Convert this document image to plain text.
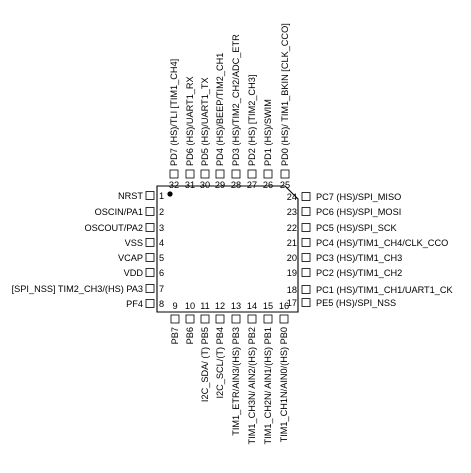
1
NRST
2
OSCIN/PA1
3
OSCOUT/PA2
4
VSS
5
VCAP
6
VDD
7
[SPI_NSS] TIM2_CH3/(HS) PA3
8
PF4	17 PE5 (HS)/SPI_NSS
18 PC1 (HS)/TIM1_CH1/UART1_CK
19 PC2 (HS)/TIM1_CH2
20 PC3 (HS)/TIM1_CH3
21 PC4 (HS)/TIM1_CH4/CLK_CCO
22 PC5 (HS)/SPI_SCK
23 PC6 (HS)/SPI_MOSI
24 PC7 (HS)/SPI_MISO
9
PB7
10
PB6
11
I2C_SDA/ (T) PB5
12
I2C_SCL/(T) PB4
13
TIM1_ETR/AIN3/(HS) PB3
14
TIM1_CH3N/ AIN2/(HS) PB2
15
TIM1_CH2N/ AIN1/(HS) PB1
16
TIM1_CH1N/AIN0/(HS) PB0
25
PD0 (HS)/ TIM1_BKIN [CLK_CCO]
26
PD1 (HS)/SWIM
27
PD2 (HS) [TIM2_CH3]
28
PD3 (HS)/TIM2_CH2/ADC_ETR
29
PD4 (HS)/BEEP/TIM2_CH1
30
PD5 (HS)/UART1_TX
31
PD6 (HS)/UART1_RX
32
PD7 (HS)/TLI [TIM1_CH4]
